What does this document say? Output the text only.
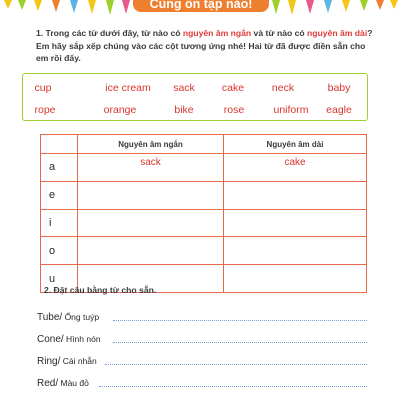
Cùng ôn tập nào!
1. Trong các từ dưới đây, từ nào có nguyên âm ngắn và từ nào có nguyên âm dài? Em hãy sắp xếp chúng vào các cột tương ứng nhé! Hai từ đã được điền sẵn cho em rồi đấy.
cup	ice cream	sack	cake	neck	baby
rope	orange	bike	rose	uniform	eagle
	Nguyên âm ngắn	Nguyên âm dài
a	sack	cake
e		
i		
o		
u		
2. Đặt câu bằng từ cho sẵn.
Tube/ Ống tuýp
Cone/ Hình nón
Ring/ Cái nhẫn
Red/ Màu đỏ
